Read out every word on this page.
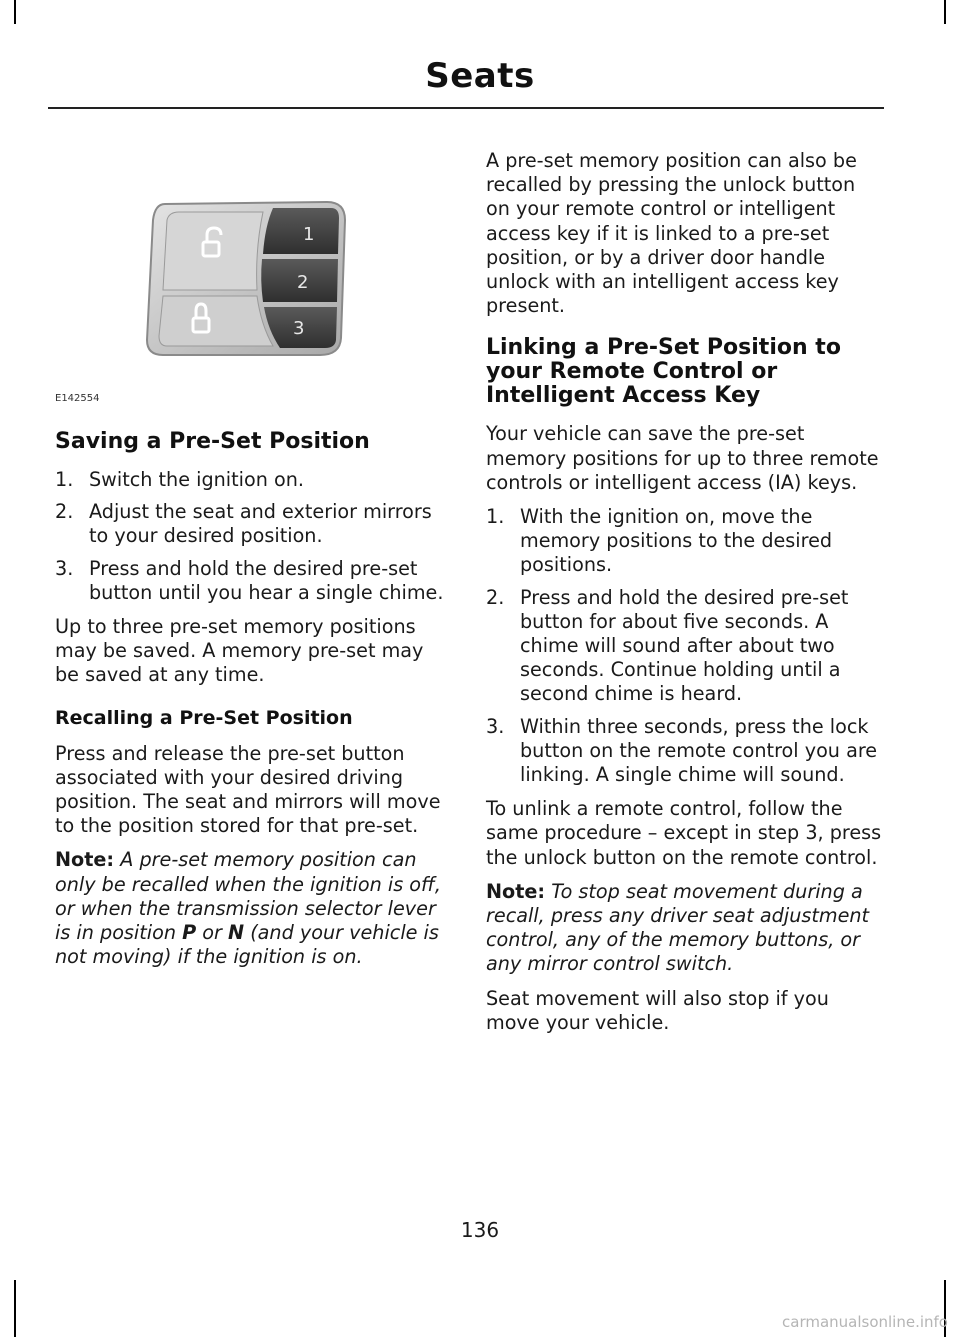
Seats
1
2
3
E142554
Saving a Pre-Set Position
1. Switch the ignition on.
2. Adjust the seat and exterior mirrors to your desired position.
3. Press and hold the desired pre-set button until you hear a single chime.

Up to three pre-set memory positions may be saved. A memory pre-set may be saved at any time.

Recalling a Pre-Set Position

Press and release the pre-set button associated with your desired driving position. The seat and mirrors will move to the position stored for that pre-set.

Note: A pre-set memory position can only be recalled when the ignition is off, or when the transmission selector lever is in position P or N (and your vehicle is not moving) if the ignition is on.

A pre-set memory position can also be recalled by pressing the unlock button on your remote control or intelligent access key if it is linked to a pre-set position, or by a driver door handle unlock with an intelligent access key present.

Linking a Pre-Set Position to your Remote Control or Intelligent Access Key

Your vehicle can save the pre-set memory positions for up to three remote controls or intelligent access (IA) keys.

1. With the ignition on, move the memory positions to the desired positions.
2. Press and hold the desired pre-set button for about five seconds. A chime will sound after about two seconds. Continue holding until a second chime is heard.
3. Within three seconds, press the lock button on the remote control you are linking. A single chime will sound.

To unlink a remote control, follow the same procedure – except in step 3, press the unlock button on the remote control.

Note: To stop seat movement during a recall, press any driver seat adjustment control, any of the memory buttons, or any mirror control switch.

Seat movement will also stop if you move your vehicle.

136
carmanualsonline.info
